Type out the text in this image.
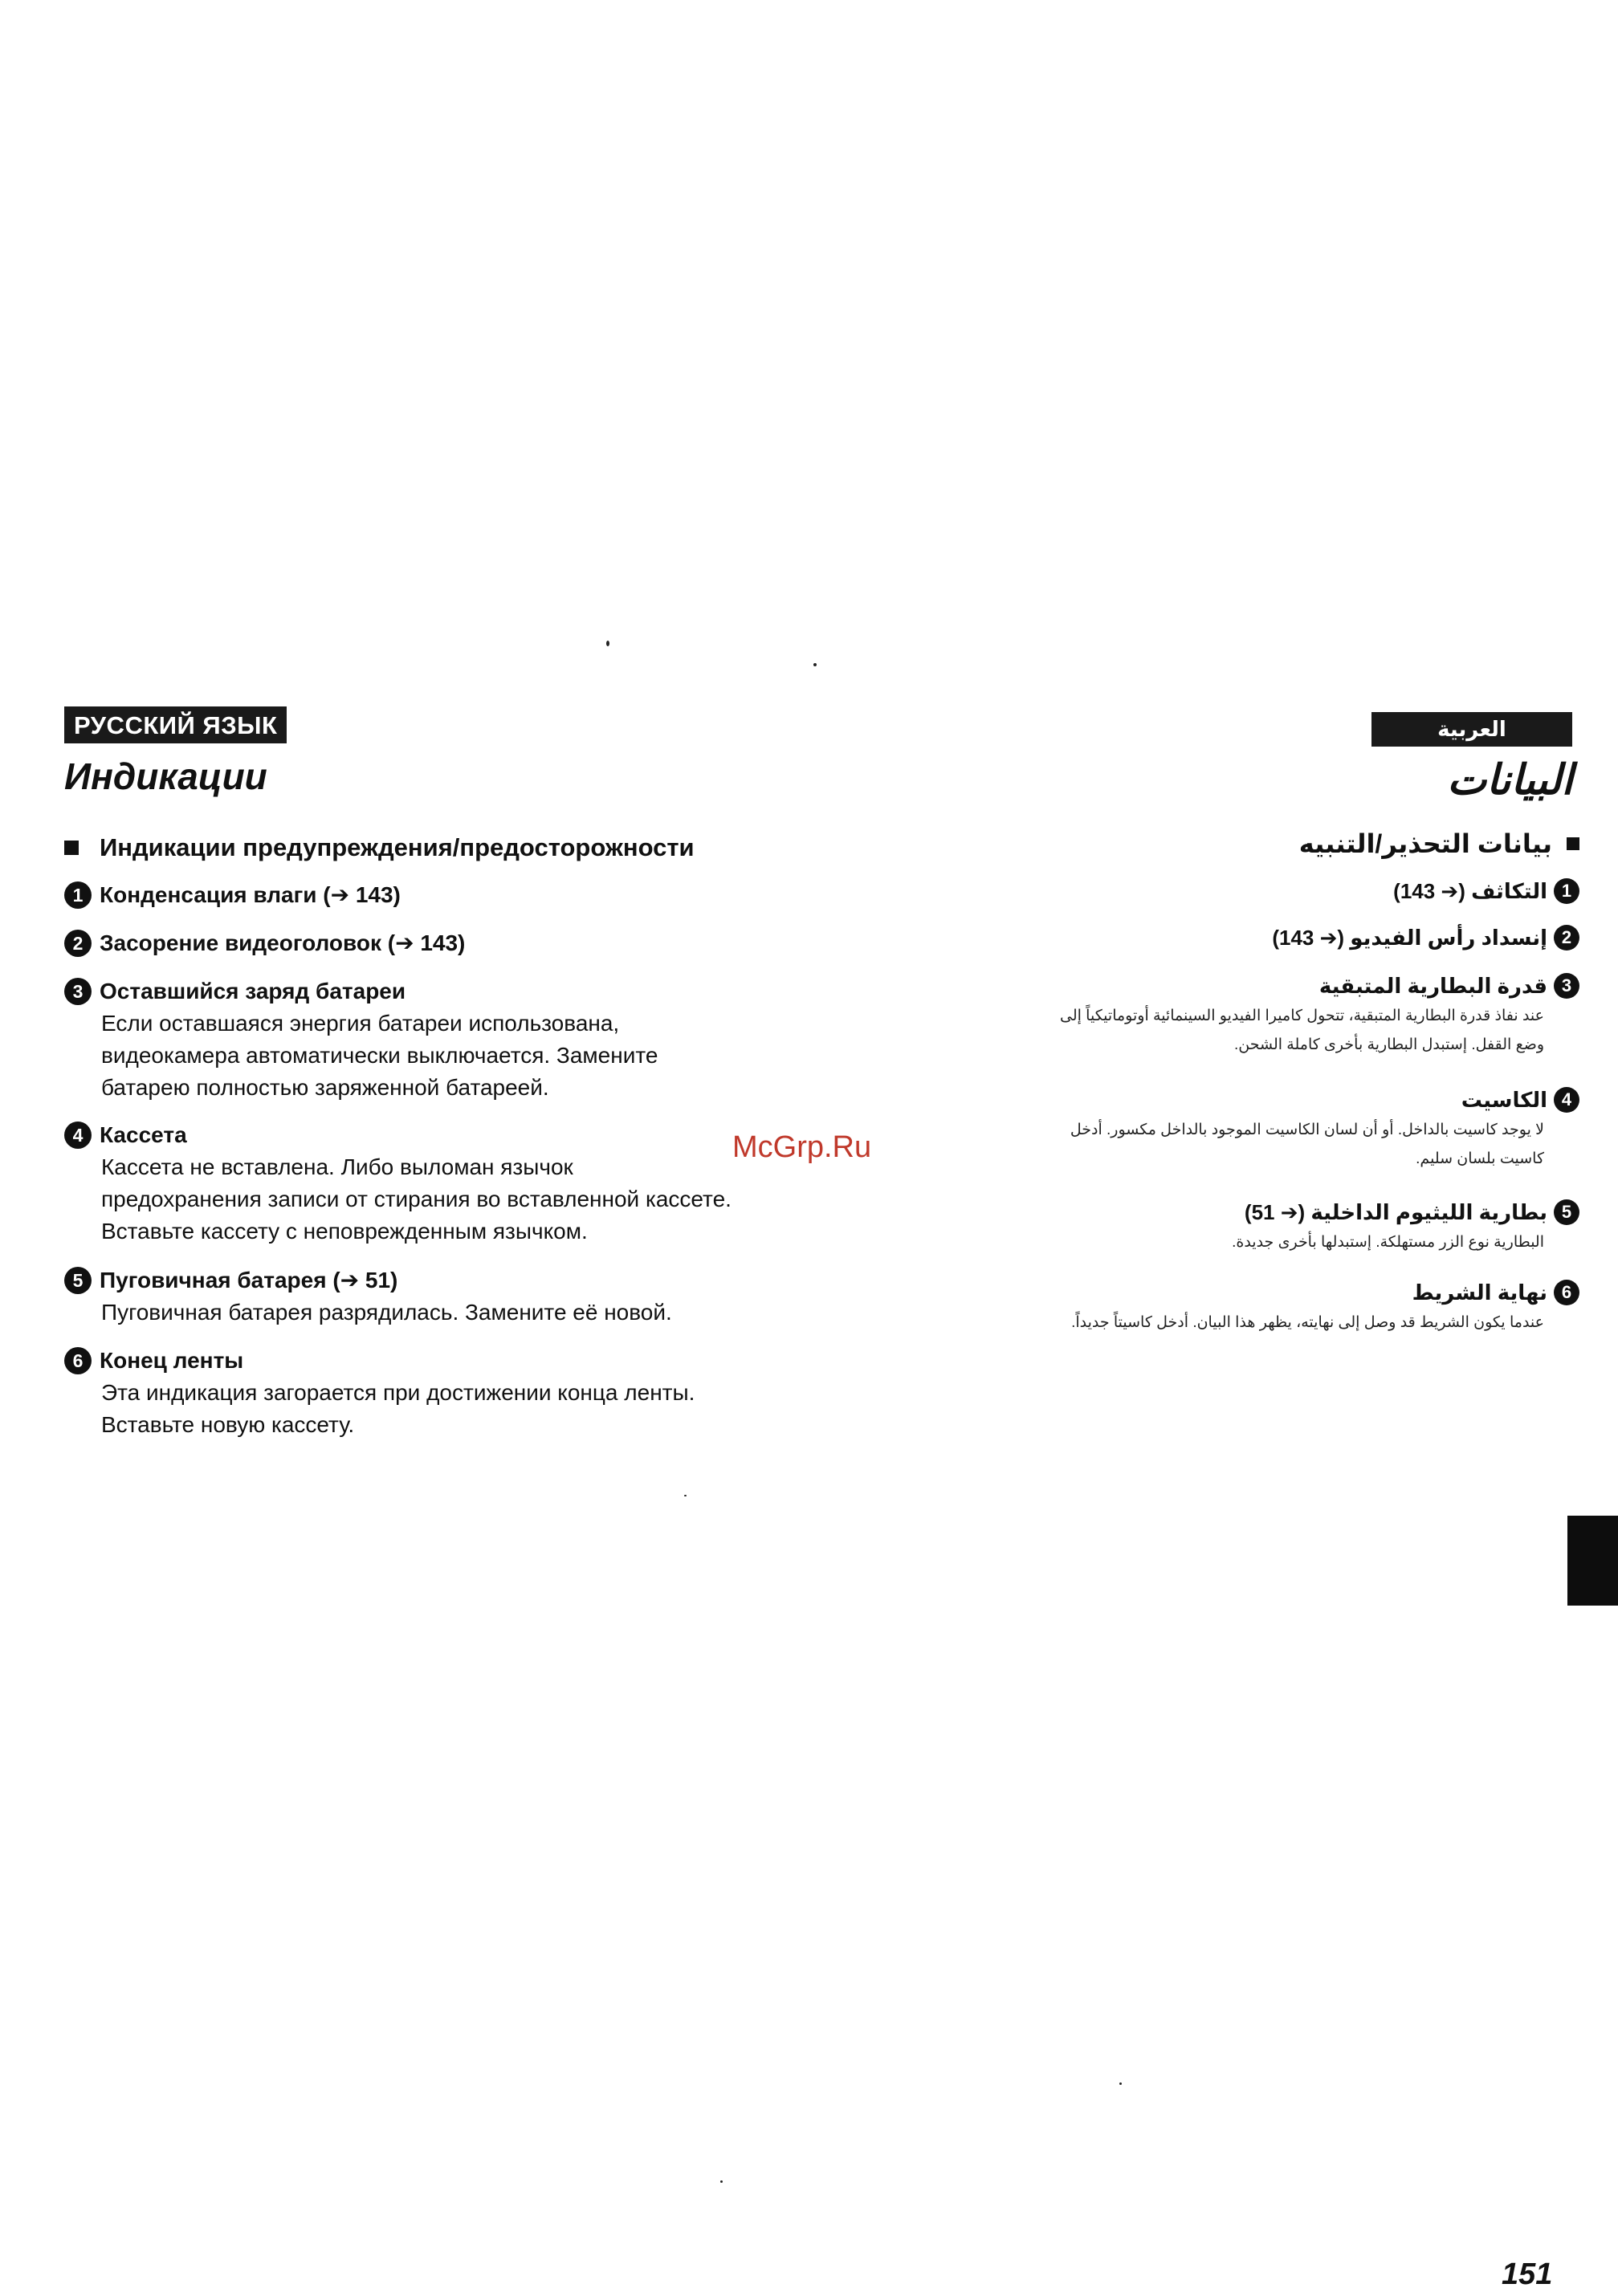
РУССКИЙ ЯЗЫК
Индикации
Индикации предупреждения/предосторожности
1 Конденсация влаги (➔ 143)
2 Засорение видеоголовок (➔ 143)
3 Оставшийся заряд батареи
Если оставшаяся энергия батареи использована,
видеокамера автоматически выключается. Замените
батарею полностью заряженной батареей.
4 Кассета
Кассета не вставлена. Либо выломан язычок
предохранения записи от стирания во вставленной кассете.
Вставьте кассету с неповрежденным язычком.
5 Пуговичная батарея (➔ 51)
Пуговичная батарея разрядилась. Замените её новой.
6 Конец ленты
Эта индикация загорается при достижении конца ленты.
Вставьте новую кассету.
McGrp.Ru
العربية
البيانات
بيانات التحذير/التنبيه
1
التكاثف (➔ 143)
2
إنسداد رأس الفيديو (➔ 143)
3
قدرة البطارية المتبقية
عند نفاذ قدرة البطارية المتبقية، تتحول كاميرا الفيديو السينمائية أوتوماتيكياً إلى
وضع القفل. إستبدل البطارية بأخرى كاملة الشحن.
4
الكاسيت
لا يوجد كاسيت بالداخل. أو أن لسان الكاسيت الموجود بالداخل مكسور. أدخل
كاسيت بلسان سليم.
5
بطارية الليثيوم الداخلية (➔ 51)
البطارية نوع الزر مستهلكة. إستبدلها بأخرى جديدة.
6
نهاية الشريط
عندما يكون الشريط قد وصل إلى نهايته، يظهر هذا البيان. أدخل كاسيتاً جديداً.
151
